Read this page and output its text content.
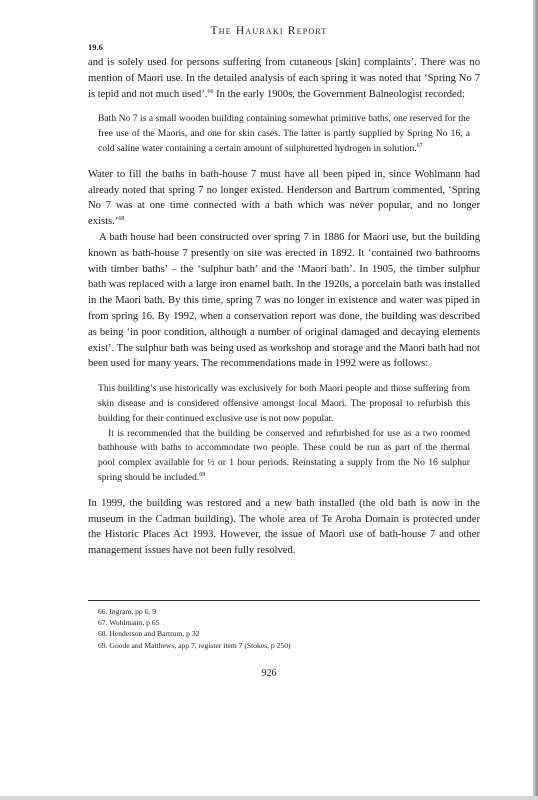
The Hauraki Report
19.6

and is solely used for persons suffering from cutaneous [skin] complaints’. There was no mention of Maori use. In the detailed analysis of each spring it was noted that ‘Spring No 7 is tepid and not much used’.$^{66}$ In the early 1900s, the Government Balneologist recorded:

Bath No 7 is a small wooden building containing somewhat primitive baths, one reserved for the free use of the Maoris, and one for skin cases. The latter is partly supplied by Spring No 16, a cold saline water containing a certain amount of sulphuretted hydrogen in solution.$^{67}$

Water to fill the baths in bath-house 7 must have all been piped in, since Wohlmann had already noted that spring 7 no longer existed. Henderson and Bartrum commented, ‘Spring No 7 was at one time connected with a bath which was never popular, and no longer exists.’$^{68}$

A bath house had been constructed over spring 7 in 1886 for Maori use, but the building known as bath-house 7 presently on site was erected in 1892. It ‘contained two bathrooms with timber baths’ – the ‘sulphur bath’ and the ‘Maori bath’. In 1905, the timber sulphur bath was replaced with a large iron enamel bath. In the 1920s, a porcelain bath was installed in the Maori bath. By this time, spring 7 was no longer in existence and water was piped in from spring 16. By 1992, when a conservation report was done, the building was described as being ‘in poor condition, although a number of original damaged and decaying elements exist’. The sulphur bath was being used as workshop and storage and the Maori bath had not been used for many years. The recommendations made in 1992 were as follows:

This building’s use historically was exclusively for both Maori people and those suffering from skin disease and is considered offensive amongst local Maori. The proposal to refurbish this building for their continued exclusive use is not now popular.

It is recommended that the building be conserved and refurbished for use as a two roomed bathhouse with baths to accommodate two people. These could be run as part of the thermal pool complex available for ½ or 1 hour periods. Reinstating a supply from the No 16 sulphur spring should be included.$^{69}$

In 1999, the building was restored and a new bath installed (the old bath is now in the museum in the Cadman building). The whole area of Te Aroha Domain is protected under the Historic Places Act 1993. However, the issue of Maori use of bath-house 7 and other management issues have not been fully resolved.

66. Ingram, pp 6, 9
67. Wohlmann, p 65
68. Henderson and Bartrum, p 32
69. Goode and Matthews, app 7, register item 7 (Stokes, p 250)
926
